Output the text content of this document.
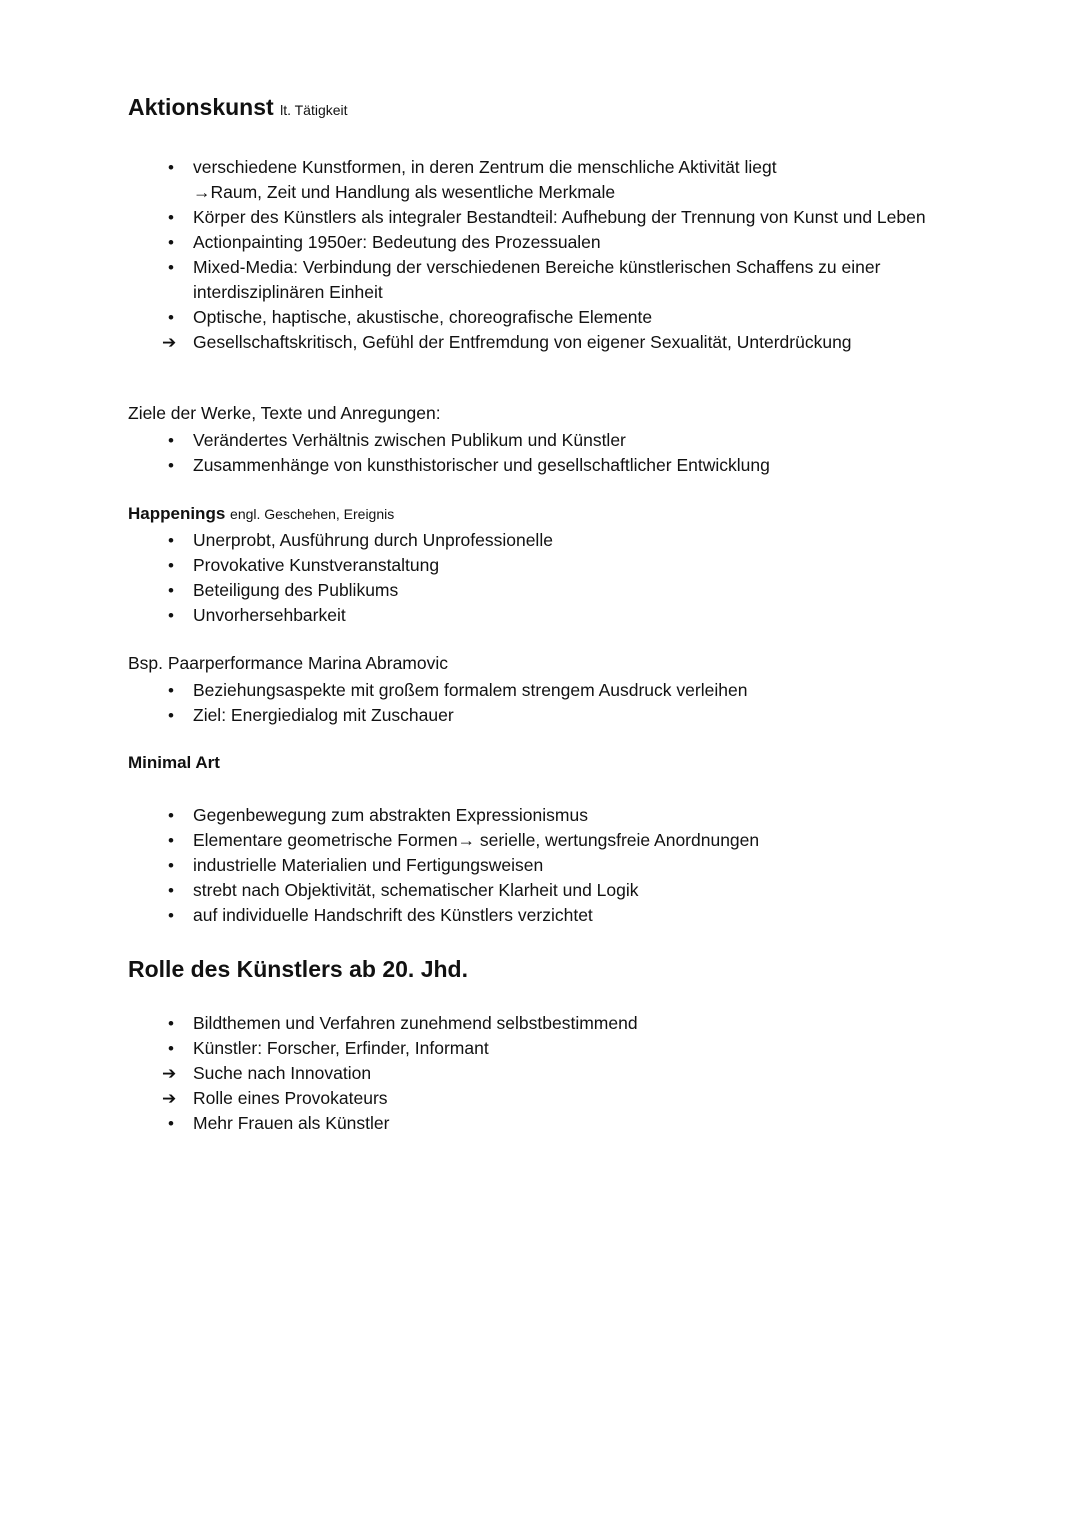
Aktionskunst lt. Tätigkeit
•	verschiedene Kunstformen, in deren Zentrum die menschliche Aktivität liegt
→Raum, Zeit und Handlung als wesentliche Merkmale
•	Körper des Künstlers als integraler Bestandteil: Aufhebung der Trennung von Kunst und Leben
•	Actionpainting 1950er: Bedeutung des Prozessualen
•	Mixed-Media: Verbindung der verschiedenen Bereiche künstlerischen Schaffens zu einer interdisziplinären Einheit
•	Optische, haptische, akustische, choreografische Elemente
➔ Gesellschaftskritisch, Gefühl der Entfremdung von eigener Sexualität, Unterdrückung
Ziele der Werke, Texte und Anregungen:
•	Verändertes Verhältnis zwischen Publikum und Künstler
•	Zusammenhänge von kunsthistorischer und gesellschaftlicher Entwicklung
Happenings engl. Geschehen, Ereignis
•	Unerprobt, Ausführung durch Unprofessionelle
•	Provokative Kunstveranstaltung
•	Beteiligung des Publikums
•	Unvorhersehbarkeit
Bsp. Paarperformance Marina Abramovic
•	Beziehungsaspekte mit großem formalem strengem Ausdruck verleihen
•	Ziel: Energiedialog mit Zuschauer
Minimal Art
•	Gegenbewegung zum abstrakten Expressionismus
•	Elementare geometrische Formen→ serielle, wertungsfreie Anordnungen
•	industrielle Materialien und Fertigungsweisen
•	strebt nach Objektivität, schematischer Klarheit und Logik
•	auf individuelle Handschrift des Künstlers verzichtet
Rolle des Künstlers ab 20. Jhd.
•	Bildthemen und Verfahren zunehmend selbstbestimmend
•	Künstler: Forscher, Erfinder, Informant
➔ Suche nach Innovation
➔ Rolle eines Provokateurs
•	Mehr Frauen als Künstler
